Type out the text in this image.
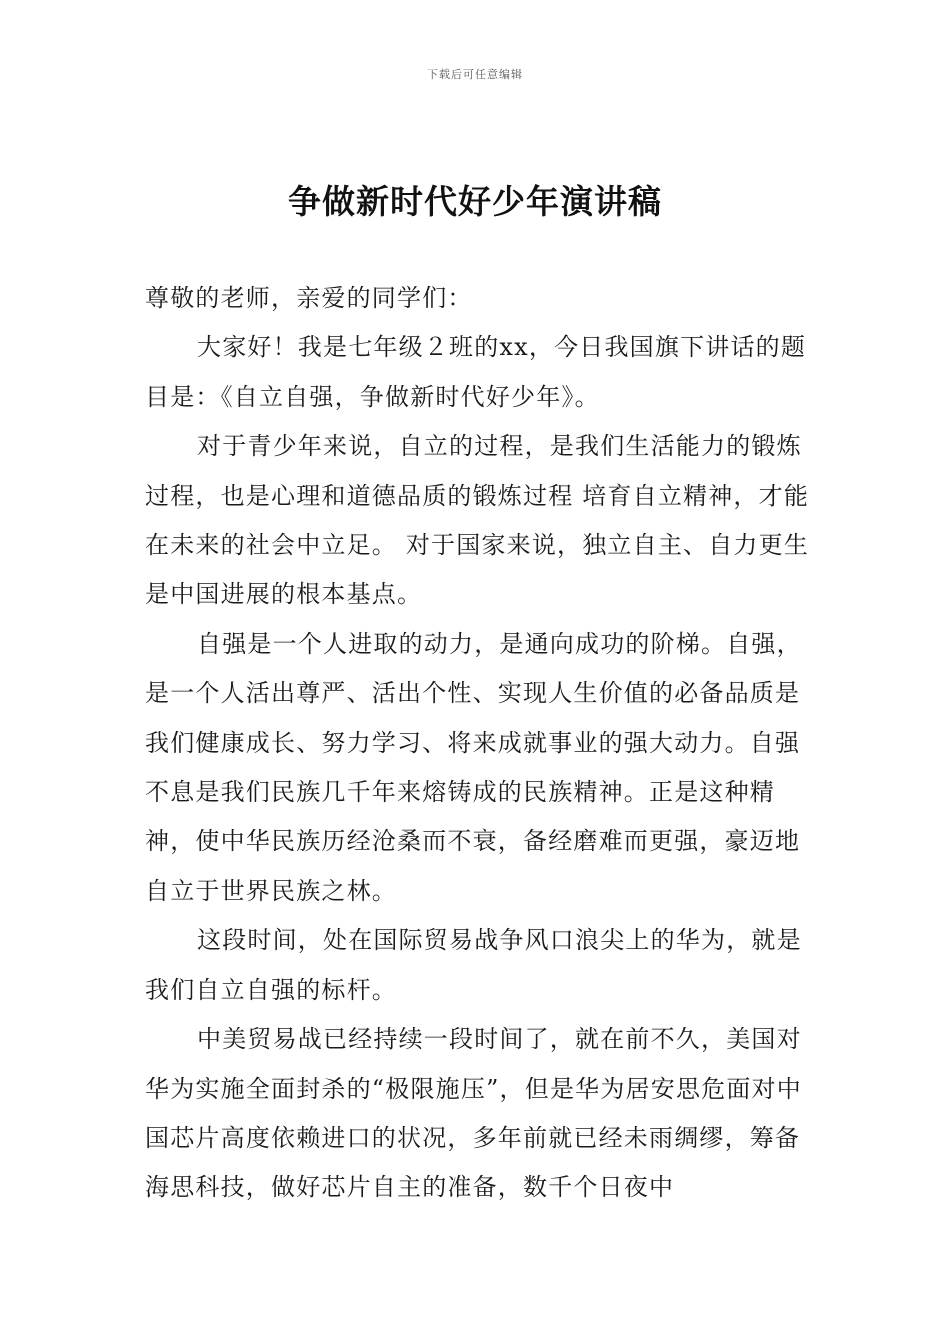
下载后可任意编辑
争做新时代好少年演讲稿

尊敬的老师，亲爱的同学们：

大家好！我是七年级２班的xx，今日我国旗下讲话的题目是：《自立自强，争做新时代好少年》。

对于青少年来说，自立的过程，是我们生活能力的锻炼过程，也是心理和道德品质的锻炼过程 培育自立精神，才能在未来的社会中立足。 对于国家来说，独立自主、自力更生是中国进展的根本基点。

自强是一个人进取的动力，是通向成功的阶梯。自强，是一个人活出尊严、活出个性、实现人生价值的必备品质是我们健康成长、努力学习、将来成就事业的强大动力。自强不息是我们民族几千年来熔铸成的民族精神。正是这种精神，使中华民族历经沧桑而不衰，备经磨难而更强，豪迈地自立于世界民族之林。

这段时间，处在国际贸易战争风口浪尖上的华为，就是我们自立自强的标杆。

中美贸易战已经持续一段时间了，就在前不久，美国对华为实施全面封杀的“极限施压”，但是华为居安思危面对中国芯片高度依赖进口的状况，多年前就已经未雨绸缪，筹备海思科技，做好芯片自主的准备，数千个日夜中
